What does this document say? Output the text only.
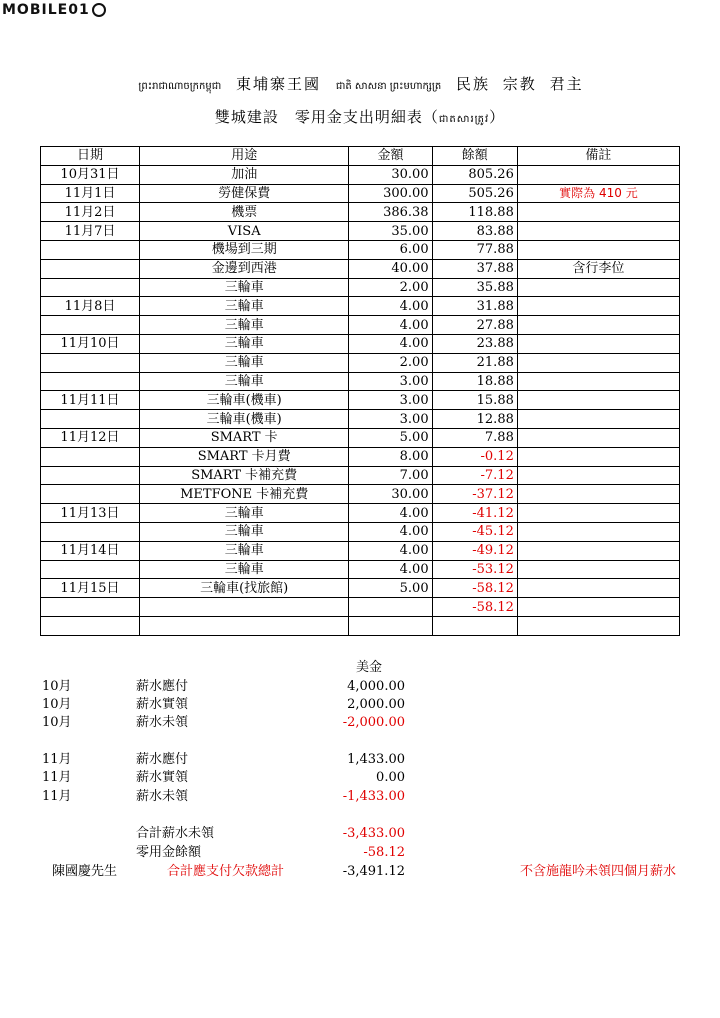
MOBILE01
ព្រះរាជាណាចក្រកម្ពុជា 東埔寨王國 ជាតិ សាសនា ព្រះមហាក្សត្រ 民族 宗教 君主
雙城建設　零用金支出明細表（ជាតសារត្រូវ）
日期	用途	金額	餘額	備註
10月31日	加油	30.00	805.26	
11月1日	勞健保費	300.00	505.26	實際為 410 元
11月2日	機票	386.38	118.88	
11月7日	VISA	35.00	83.88	
	機場到三期	6.00	77.88	
	金邊到西港	40.00	37.88	含行李位
	三輪車	2.00	35.88	
11月8日	三輪車	4.00	31.88	
	三輪車	4.00	27.88	
11月10日	三輪車	4.00	23.88	
	三輪車	2.00	21.88	
	三輪車	3.00	18.88	
11月11日	三輪車(機車)	3.00	15.88	
	三輪車(機車)	3.00	12.88	
11月12日	SMART 卡	5.00	7.88	
	SMART 卡月費	8.00	-0.12	
	SMART 卡補充費	7.00	-7.12	
	METFONE 卡補充費	30.00	-37.12	
11月13日	三輪車	4.00	-41.12	
	三輪車	4.00	-45.12	
11月14日	三輪車	4.00	-49.12	
	三輪車	4.00	-53.12	
11月15日	三輪車(找旅館)	5.00	-58.12	
			-58.12	

美金
10月	薪水應付	4,000.00
10月	薪水實領	2,000.00
10月	薪水未領	-2,000.00
11月	薪水應付	1,433.00
11月	薪水實領	0.00
11月	薪水未領	-1,433.00
合計薪水未領	-3,433.00
零用金餘額	-58.12
陳國慶先生	合計應支付欠款總計	-3,491.12	不含施龍吟未領四個月薪水
